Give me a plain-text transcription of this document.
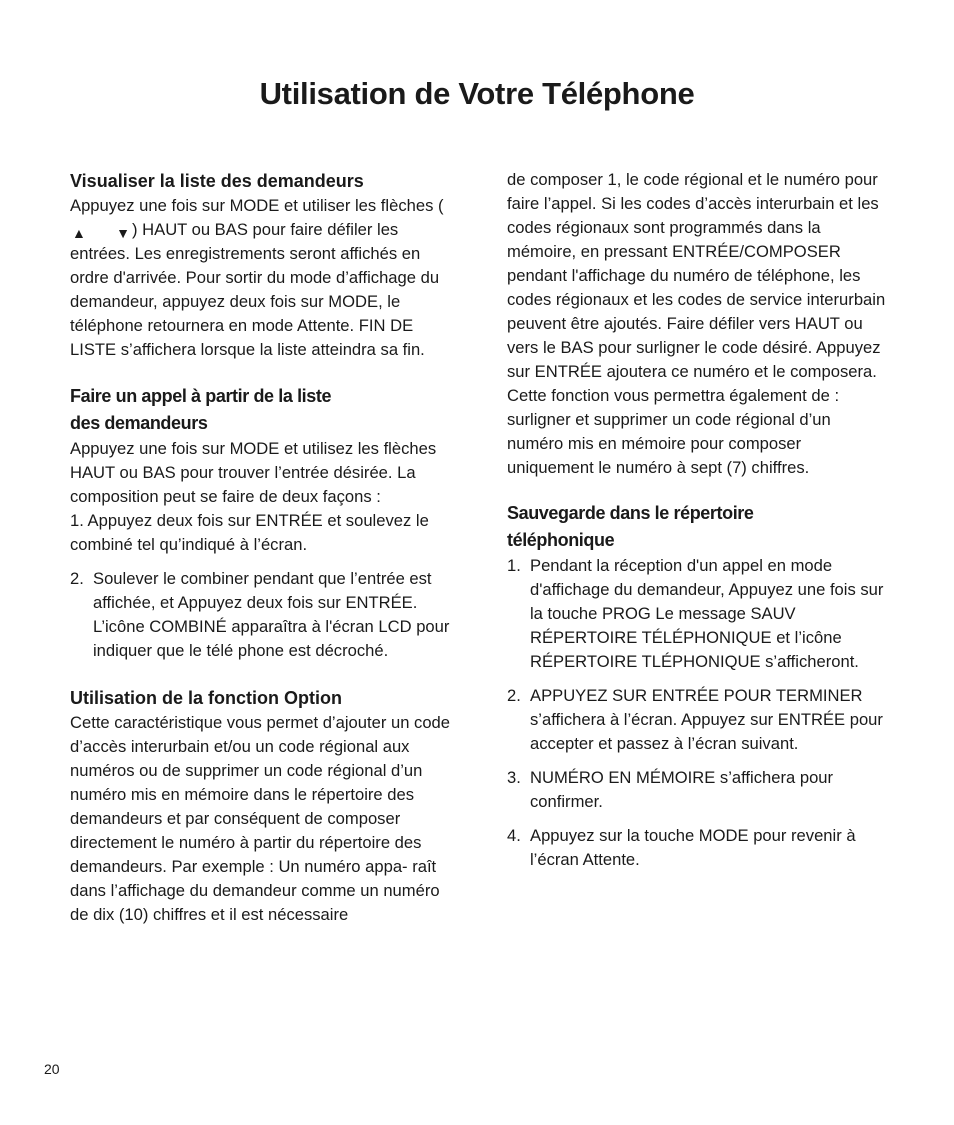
Utilisation de Votre Téléphone
Visualiser la liste des demandeurs

Appuyez une fois sur MODE et utiliser les flèches (
▲ ▼ ) HAUT ou BAS pour faire défiler les entrées. Les enregistrements seront affichés en ordre d'arrivée. Pour sortir du mode d’affichage du demandeur, appuyez deux fois sur MODE, le téléphone retournera en mode Attente. FIN DE LISTE s’affichera lorsque la liste atteindra sa fin.

Faire un appel à partir de la liste
des demandeurs

Appuyez une fois sur MODE et utilisez les flèches HAUT ou BAS pour trouver l’entrée désirée. La composition peut se faire de deux façons :

1. Appuyez deux fois sur ENTRÉE et soulevez le combiné tel qu’indiqué à l’écran.
2. Soulever le combiner pendant que l’entrée est affichée, et Appuyez deux fois sur ENTRÉE. L’icône COMBINÉ apparaîtra à l'écran LCD pour indiquer que le télé phone est décroché.
Utilisation de la fonction Option

Cette caractéristique vous permet d’ajouter un code d’accès interurbain et/ou un code régional aux numéros ou de supprimer un code régional d’un numéro mis en mémoire dans le répertoire des demandeurs et par conséquent de composer directement le numéro à partir du répertoire des demandeurs. Par exemple : Un numéro appa- raît dans l’affichage du demandeur comme un numéro de dix (10) chiffres et il est nécessaire

de composer 1, le code régional et le numéro pour faire l’appel. Si les codes d’accès interurbain et les codes régionaux sont programmés dans la mémoire, en pressant ENTRÉE/COMPOSER pendant l'affichage du numéro de téléphone, les codes régionaux et les codes de service interurbain peuvent être ajoutés. Faire défiler vers HAUT ou vers le BAS pour surligner le code désiré. Appuyez sur ENTRÉE ajoutera ce numéro et le composera. Cette fonction vous permettra également de : surligner et supprimer un code régional d’un numéro mis en mémoire pour composer uniquement le numéro à sept (7) chiffres.

Sauvegarde dans le répertoire
téléphonique
1. Pendant la réception d'un appel en mode d'affichage du demandeur, Appuyez une fois sur la touche PROG Le message SAUV RÉPERTOIRE TÉLÉPHONIQUE et l’icône RÉPERTOIRE TLÉPHONIQUE s’afficheront.
2. APPUYEZ SUR ENTRÉE POUR TERMINER s’affichera à l’écran. Appuyez sur ENTRÉE pour accepter et passez à l’écran suivant.
3. NUMÉRO EN MÉMOIRE s’affichera pour confirmer.
4. Appuyez sur la touche MODE pour revenir à l’écran Attente.
20
